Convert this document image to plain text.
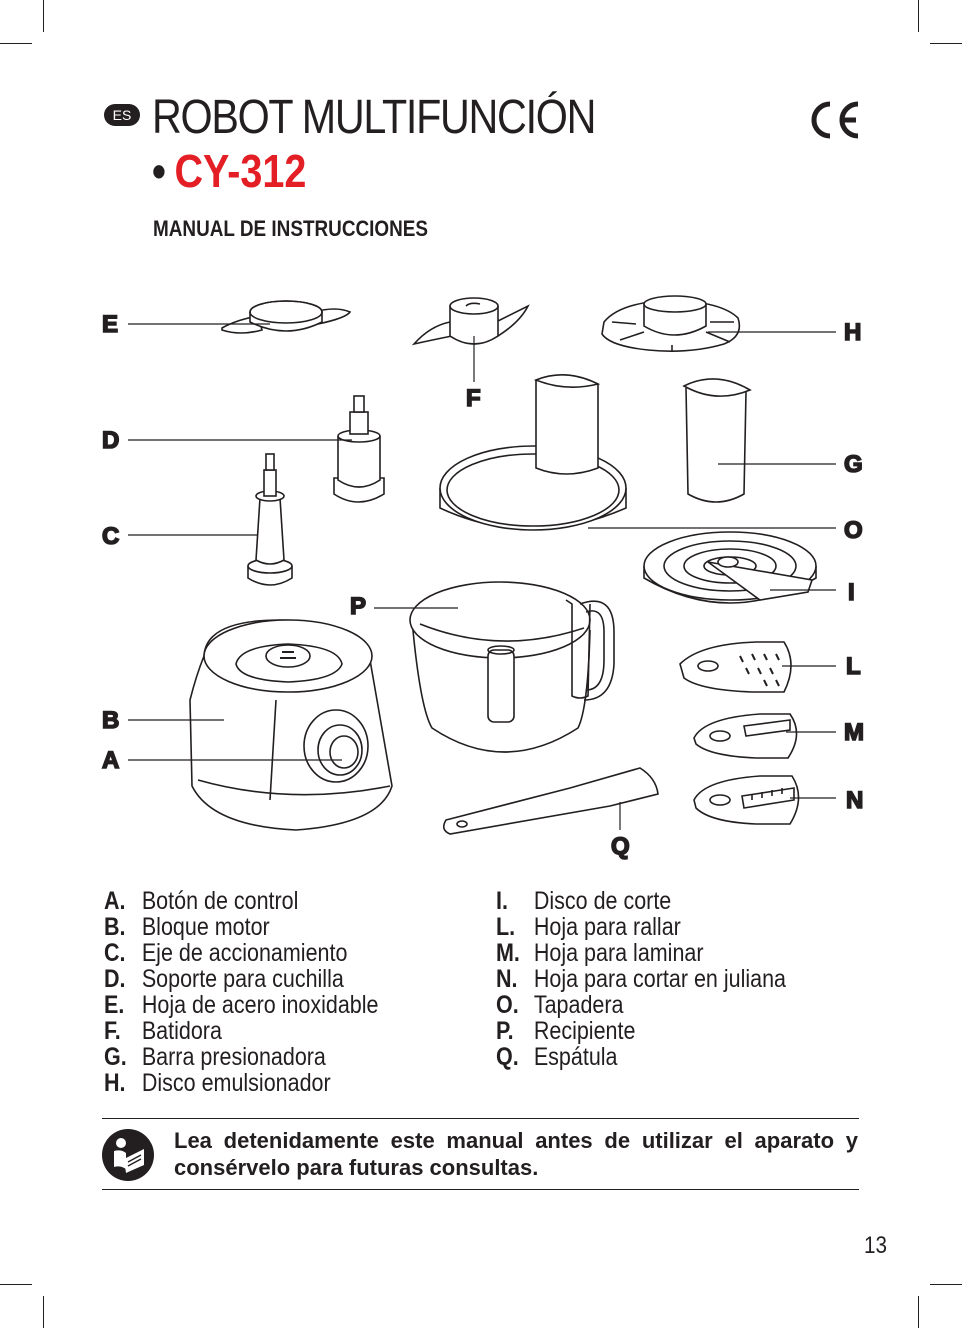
ES ROBOT MULTIFUNCIÓN
• CY-312
MANUAL DE INSTRUCCIONES
E
F
H
D
G
C	O
I
P
L
B	M
A
N
Q
A. Botón de control
B. Bloque motor
C. Eje de accionamiento
D. Soporte para cuchilla
E. Hoja de acero inoxidable
F. Batidora
G. Barra presionadora
H. Disco emulsionador
I. Disco de corte
L. Hoja para rallar
M. Hoja para laminar
N. Hoja para cortar en juliana
O. Tapadera
P. Recipiente
Q. Espátula
Lea detenidamente este manual antes de utilizar el aparato y consérvelo para futuras consultas.
13
